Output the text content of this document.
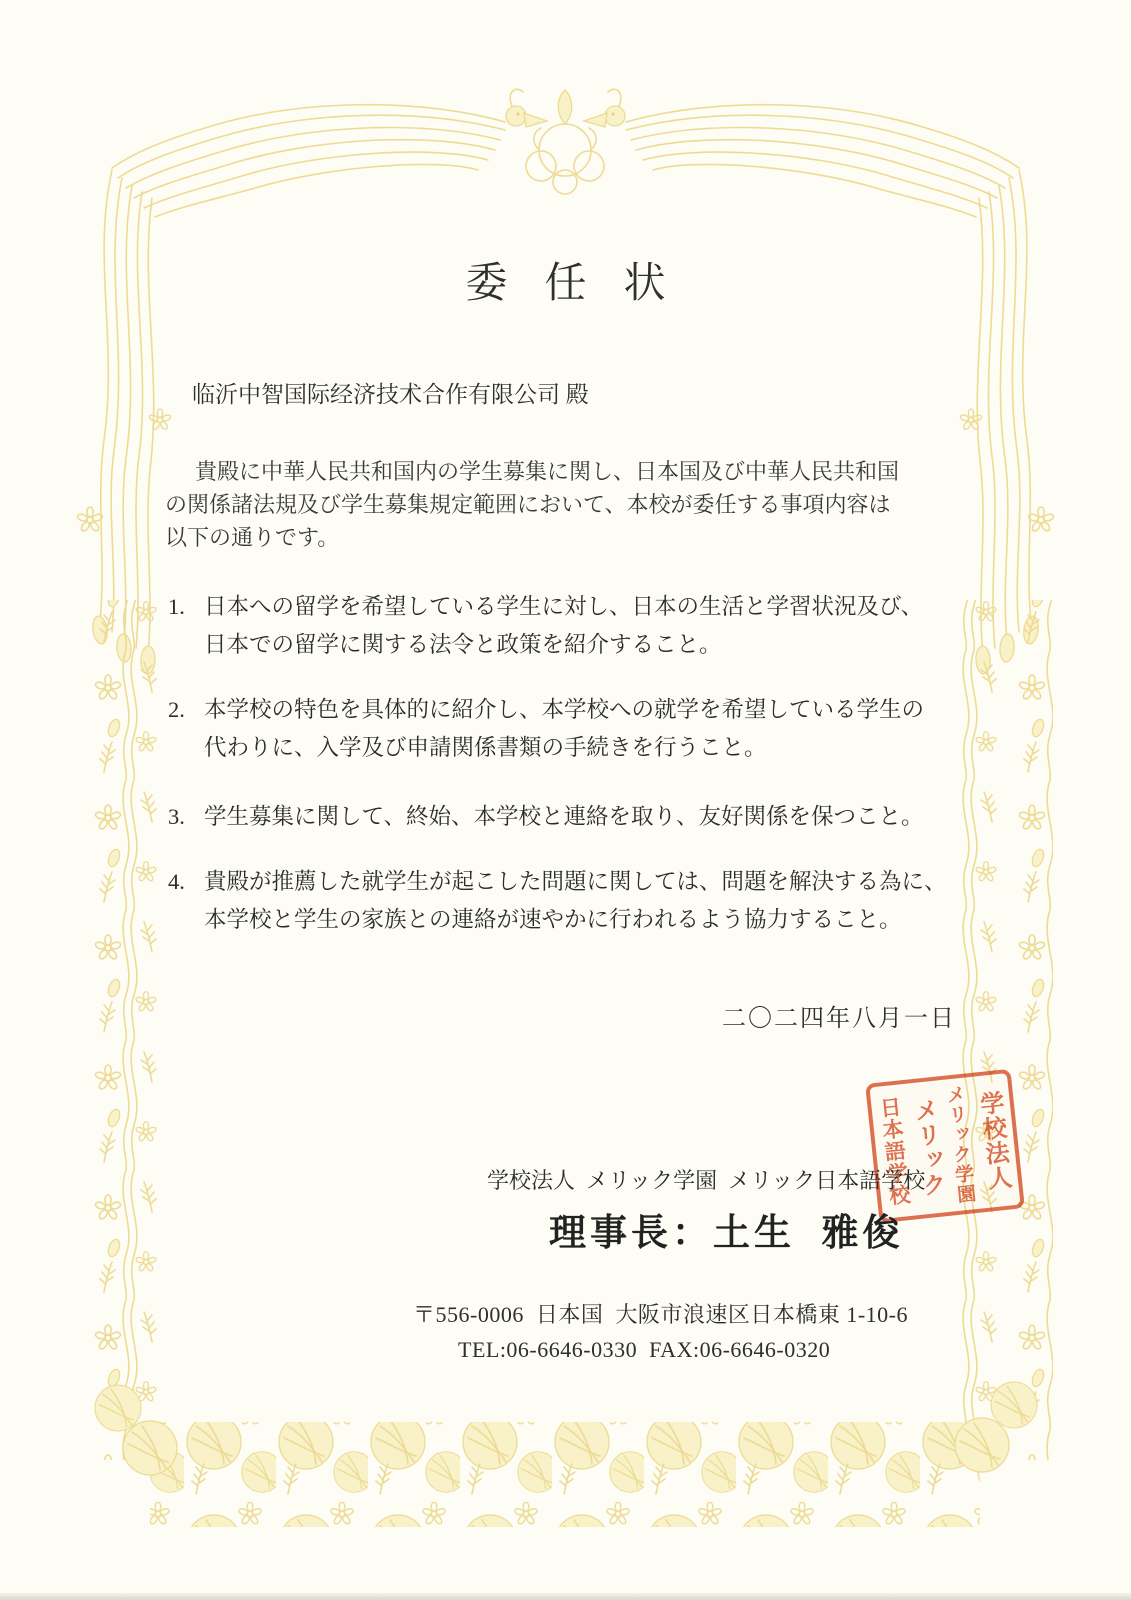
委 任 状
临沂中智国际经济技术合作有限公司 殿
貴殿に中華人民共和国内の学生募集に関し、日本国及び中華人民共和国
の関係諸法規及び学生募集規定範囲において、本校が委任する事項内容は
以下の通りです。
1. 日本への留学を希望している学生に対し、日本の生活と学習状況及び、
日本での留学に関する法令と政策を紹介すること。
2. 本学校の特色を具体的に紹介し、本学校への就学を希望している学生の
代わりに、入学及び申請関係書類の手続きを行うこと。
3. 学生募集に関して、終始、本学校と連絡を取り、友好関係を保つこと。
4. 貴殿が推薦した就学生が起こした問題に関しては、問題を解決する為に、
本学校と学生の家族との連絡が速やかに行われるよう協力すること。
二〇二四年八月一日
学校法人
メリック学園
メリック
日本語学校
学校法人  メリック学園  メリック日本語学校
理事長：土生  雅俊
〒556-0006  日本国  大阪市浪速区日本橋東 1-10-6
TEL:06-6646-0330  FAX:06-6646-0320
